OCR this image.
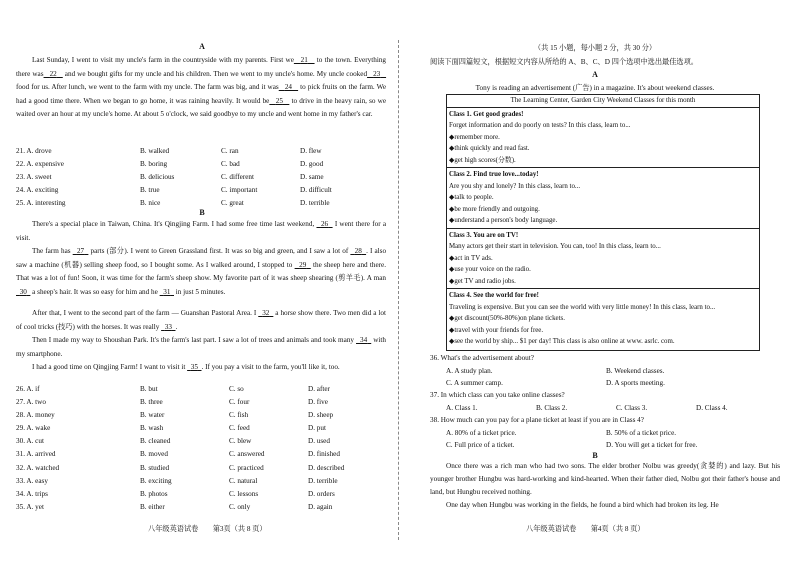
A
Last Sunday, I went to visit my uncle's farm in the countryside with my parents. First we 21 to the town. Everything there was 22 and we bought gifts for my uncle and his children. Then we went to my uncle's home. My uncle cooked 23    food for us. After lunch, we went to the farm with my uncle. The farm was big, and it was 24 to pick fruits on the farm. We had a good time there. When we began to go home, it was raining heavily. It would be 25 to drive in the heavy rain, so we waited over an hour at my uncle's home. At about 5 o'clock, we said goodbye to my uncle and went home in my father's car.
21. A. drove	B. walked	C. ran	D. flew
22. A. expensive	B. boring	C. bad	D. good
23. A. sweet	B. delicious	C. different	D. same
24. A. exciting	B. true	C. important	D. difficult
25. A. interesting	B. nice	C. great	D. terrible
B
There's a special place in Taiwan, China. It's Qingjing Farm. I had some free time last weekend, 26 I went there for a visit.
The farm has 27 parts (部分). I went to Green Grassland first. It was so big and green, and I saw a lot of 28 . I also saw a machine (机器) selling sheep food, so I bought some. As I walked around, I stopped to 29 the sheep here and there. That was a lot of fun! Soon, it was time for the farm's sheep show. My favorite part of it was sheep shearing (剪羊毛). A man   30 a sheep's hair. It was so easy for him and he 31 in just 5 minutes.
After that, I went to the second part of the farm — Guanshan Pastoral Area. I 32 a horse show there. Two men did a lot of cool tricks (技巧) with the horses. It was really 33 .
Then I made my way to Shoushan Park. It's the farm's last part. I saw a lot of trees and animals and took many 34 with my smartphone.
I had a good time on Qingjing Farm! I want to visit it 35 . If you pay a visit to the farm, you'll like it, too.
26. A. if	B. but	C. so	D. after
27. A. two	B. three	C. four	D. five
28. A. money	B. water	C. fish	D. sheep
29. A. wake	B. wash	C. feed	D. put
30. A. cut	B. cleaned	C. blew	D. used
31. A. arrived	B. moved	C. answered	D. finished
32. A. watched	B. studied	C. practiced	D. described
33. A. easy	B. exciting	C. natural	D. terrible
34. A. trips	B. photos	C. lessons	D. orders
35. A. yet	B. either	C. only	D. again
八年级英语试卷　　第3页（共 8 页）
（共 15 小题，每小题 2 分，共 30 分）
阅读下面四篇短文，根据短文内容从所给的 A、B、C、D 四个选项中选出最佳选项。
A
Tony is reading an advertisement (广告) in a magazine. It's about weekend classes.
The Learning Center, Garden City Weekend Classes for this month
Class 1. Get good grades!
Forget information and do poorly on tests? In this class, learn to...
◆remember more.
◆think quickly and read fast.
◆get high scores(分数).
Class 2. Find true love...today!
Are you shy and lonely? In this class, learn to...
◆talk to people.
◆be more friendly and outgoing.
◆understand a person's body language.
Class 3. You are on TV!
Many actors get their start in television. You can, too! In this class, learn to...
◆act in TV ads.
◆use your voice on the radio.
◆get TV and radio jobs.
Class 4. See the world for free!
Traveling is expensive. But you can see the world with very little money! In this class, learn to...
◆get discount(50%-80%)on plane tickets.
◆travel with your friends for free.
◆see the world by ship... $1 per day! This class is also online at www. asrlc. com.
36. What's the advertisement about?
A. A study plan.	B. Weekend classes.
C. A summer camp.	D. A sports meeting.
37. In which class can you take online classes?
A. Class 1.	B. Class 2.	C. Class 3.	D. Class 4.
38. How much can you pay for a plane ticket at least if you are in Class 4?
A. 80% of a ticket price.	B. 50% of a ticket price.
C. Full price of a ticket.	D. You will get a ticket for free.
B
Once there was a rich man who had two sons. The elder brother Nolbu was greedy(贪婪的) and lazy. But his younger brother Hungbu was hard-working and kind-hearted. When their father died, Nolbu got their father's house and land, but Hungbu received nothing.
One day when Hungbu was working in the fields, he found a bird which had broken its leg. He
八年级英语试卷　　第4页（共 8 页）
